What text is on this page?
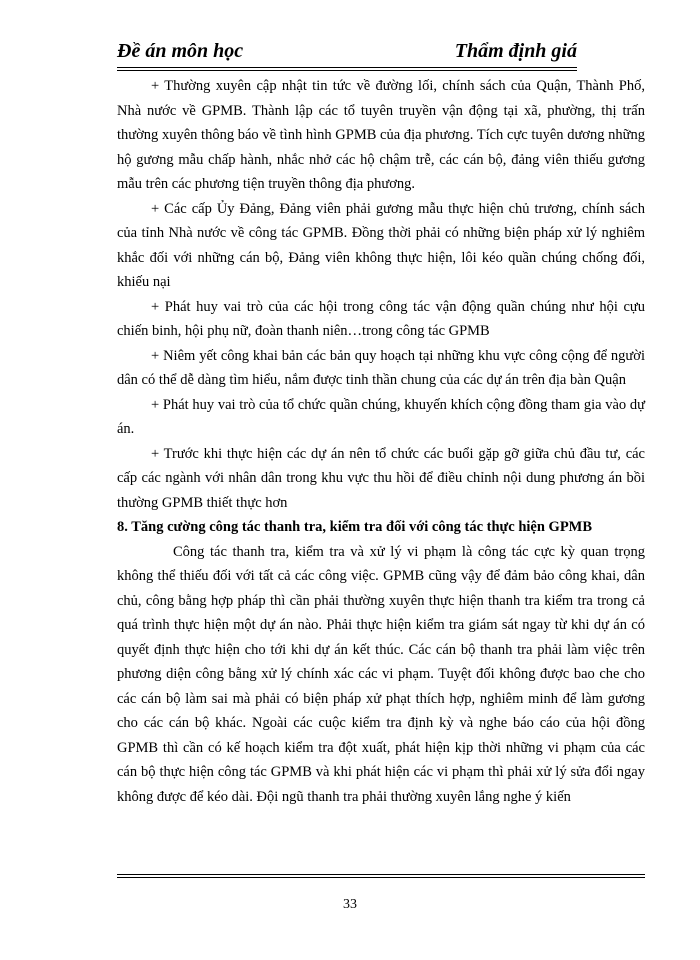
Đề án môn học	Thẩm định giá

+ Thường xuyên cập nhật tin tức về đường lối, chính sách của Quận, Thành Phố, Nhà nước về GPMB. Thành lập các tổ tuyên truyền vận động tại xã, phường, thị trấn thường xuyên thông báo về tình hình GPMB của địa phương. Tích cực tuyên dương những hộ gương mẫu chấp hành, nhắc nhở các hộ chậm trễ, các cán bộ, đảng viên thiếu gương mẫu trên các phương tiện truyền thông địa phương.

+ Các cấp Ủy Đảng, Đảng viên phải gương mẫu thực hiện chủ trương, chính sách của tỉnh Nhà nước về công tác GPMB. Đồng thời phải có những biện pháp xử lý nghiêm khắc đối với những cán bộ, Đảng viên không thực hiện, lôi kéo quần chúng chống đối, khiếu nại

+ Phát huy vai trò của các hội trong công tác vận động quần chúng như hội cựu chiến binh, hội phụ nữ, đoàn thanh niên…trong công tác GPMB

+ Niêm yết công khai bản các bản quy hoạch tại những khu vực công cộng để người dân có thể dễ dàng tìm hiểu, nắm được tinh thần chung của các dự án trên địa bàn Quận

+ Phát huy vai trò của tổ chức quần chúng, khuyến khích cộng đồng tham gia vào dự án.

+ Trước khi thực hiện các dự án nên tổ chức các buổi gặp gỡ giữa chủ đầu tư, các cấp các ngành với nhân dân trong khu vực thu hồi để điều chỉnh nội dung phương án bồi thường GPMB thiết thực hơn

8. Tăng cường công tác thanh tra, kiểm tra đối với công tác thực hiện GPMB

Công tác thanh tra, kiểm tra và xử lý vi phạm là công tác cực kỳ quan trọng không thể thiếu đối với tất cả các công việc. GPMB cũng vậy để đảm bảo công khai, dân chủ, công bằng hợp pháp thì cần phải thường xuyên thực hiện thanh tra kiểm tra trong cả quá trình thực hiện một dự án nào. Phải thực hiện kiểm tra giám sát ngay từ khi dự án có quyết định thực hiện cho tới khi dự án kết thúc. Các cán bộ thanh tra phải làm việc trên phương diện công bằng xử lý chính xác các vi phạm. Tuyệt đối không được bao che cho các cán bộ làm sai mà phải có biện pháp xử phạt thích hợp, nghiêm minh để làm gương cho các cán bộ khác. Ngoài các cuộc kiểm tra định kỳ và nghe báo cáo của hội đồng GPMB thì cần có kế hoạch kiểm tra đột xuất, phát hiện kịp thời những vi phạm của các cán bộ thực hiện công tác GPMB và khi phát hiện các vi phạm thì phải xử lý sửa đổi ngay không được để kéo dài. Đội ngũ thanh tra phải thường xuyên lắng nghe ý kiến

33
